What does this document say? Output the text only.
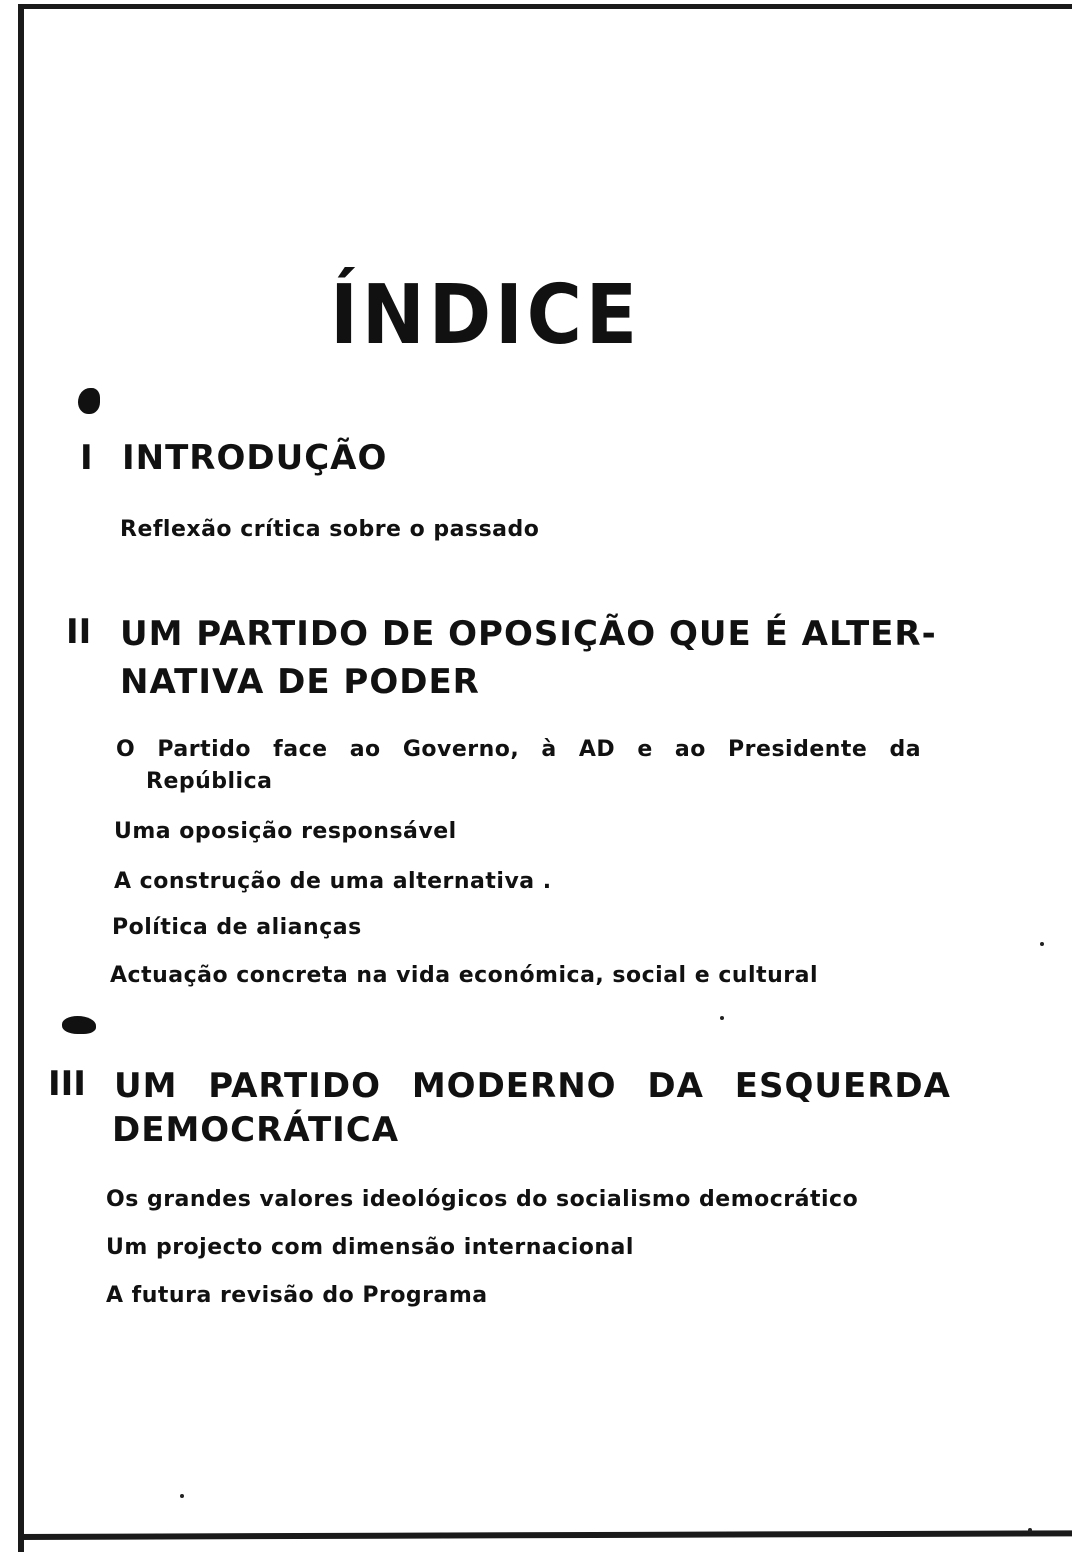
ÍNDICE
I INTRODUÇÃO
Reflexão crítica sobre o passado
II UM PARTIDO DE OPOSIÇÃO QUE É ALTER-
NATIVA DE PODER
O Partido face ao Governo, à AD e ao Presidente da
República
Uma oposição responsável
A construção de uma alternativa .
Política de alianças
Actuação concreta na vida económica, social e cultural
III UM PARTIDO MODERNO DA ESQUERDA
DEMOCRÁTICA
Os grandes valores ideológicos do socialismo democrático
Um projecto com dimensão internacional
A futura revisão do Programa
